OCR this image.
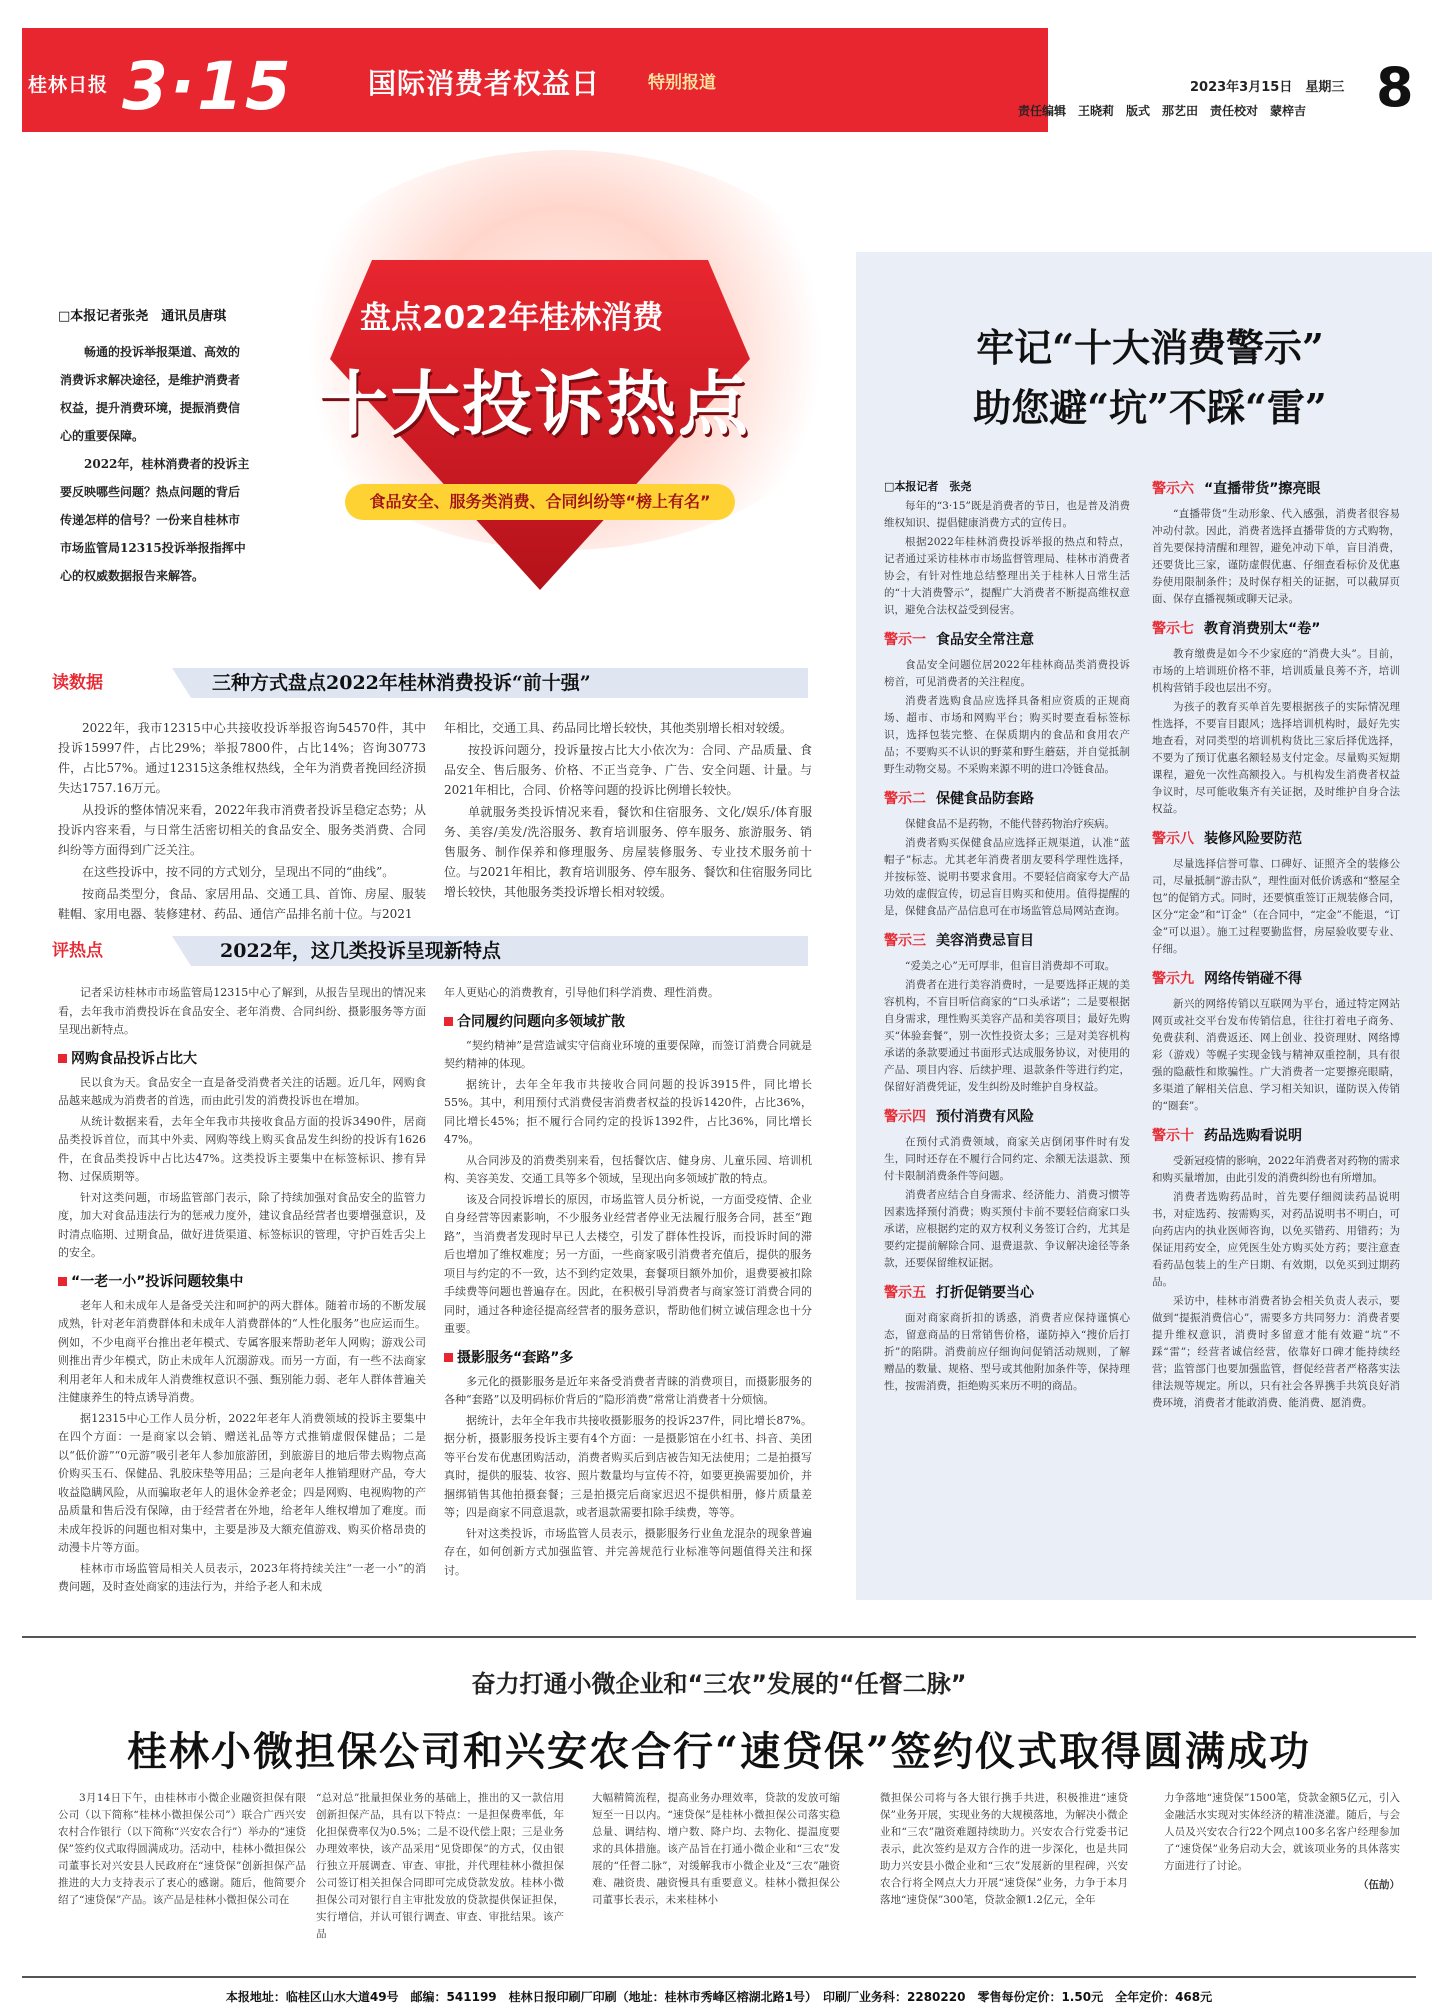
桂林日报 3·15	国际消费者权益日	特别报道	2023年3月15日　星期三
责任编辑　王晓莉　版式　那艺田　责任校对　蒙梓吉 8
盘点2022年桂林消费
十大投诉热点
食品安全、服务类消费、合同纠纷等“榜上有名”
□本报记者张尧　通讯员唐琪

畅通的投诉举报渠道、高效的消费诉求解决途径，是维护消费者权益，提升消费环境，提振消费信心的重要保障。

2022年，桂林消费者的投诉主要反映哪些问题？热点问题的背后传递怎样的信号？一份来自桂林市市场监管局12315投诉举报指挥中心的权威数据报告来解答。

读数据	三种方式盘点2022年桂林消费投诉“前十强”

2022年，我市12315中心共接收投诉举报咨询54570件，其中投诉15997件，占比29%；举报7800件，占比14%；咨询30773件，占比57%。通过12315这条维权热线，全年为消费者挽回经济损失达1757.16万元。

从投诉的整体情况来看，2022年我市消费者投诉呈稳定态势；从投诉内容来看，与日常生活密切相关的食品安全、服务类消费、合同纠纷等方面得到广泛关注。

在这些投诉中，按不同的方式划分，呈现出不同的“曲线”。

按商品类型分，食品、家居用品、交通工具、首饰、房屋、服装鞋帽、家用电器、装修建材、药品、通信产品排名前十位。与2021

年相比，交通工具、药品同比增长较快，其他类别增长相对较缓。

按投诉问题分，投诉量按占比大小依次为：合同、产品质量、食品安全、售后服务、价格、不正当竞争、广告、安全问题、计量。与2021年相比，合同、价格等问题的投诉比例增长较快。

单就服务类投诉情况来看，餐饮和住宿服务、文化/娱乐/体育服务、美容/美发/洗浴服务、教育培训服务、停车服务、旅游服务、销售服务、制作保养和修理服务、房屋装修服务、专业技术服务前十位。与2021年相比，教育培训服务、停车服务、餐饮和住宿服务同比增长较快，其他服务类投诉增长相对较缓。

评热点	2022年，这几类投诉呈现新特点

记者采访桂林市市场监管局12315中心了解到，从报告呈现出的情况来看，去年我市消费投诉在食品安全、老年消费、合同纠纷、摄影服务等方面呈现出新特点。

网购食品投诉占比大

民以食为天。食品安全一直是备受消费者关注的话题。近几年，网购食品越来越成为消费者的首选，而由此引发的消费投诉也在增加。

从统计数据来看，去年全年我市共接收食品方面的投诉3490件，居商品类投诉首位，而其中外卖、网购等线上购买食品发生纠纷的投诉有1626件，在食品类投诉中占比达47%。这类投诉主要集中在标签标识、掺有异物、过保质期等。

针对这类问题，市场监管部门表示，除了持续加强对食品安全的监管力度，加大对食品违法行为的惩戒力度外，建议食品经营者也要增强意识，及时清点临期、过期食品，做好进货渠道、标签标识的管理，守护百姓舌尖上的安全。

“一老一小”投诉问题较集中

老年人和未成年人是备受关注和呵护的两大群体。随着市场的不断发展成熟，针对老年消费群体和未成年人消费群体的“人性化服务”也应运而生。例如，不少电商平台推出老年模式、专属客服来帮助老年人网购；游戏公司则推出青少年模式，防止未成年人沉溺游戏。而另一方面，有一些不法商家利用老年人和未成年人消费维权意识不强、甄别能力弱、老年人群体普遍关注健康养生的特点诱导消费。

据12315中心工作人员分析，2022年老年人消费领域的投诉主要集中在四个方面：一是商家以会销、赠送礼品等方式推销虚假保健品；二是以“低价游”“0元游”吸引老年人参加旅游团，到旅游目的地后带去购物点高价购买玉石、保健品、乳胶床垫等用品；三是向老年人推销理财产品，夸大收益隐瞒风险，从而骗取老年人的退休金养老金；四是网购、电视购物的产品质量和售后没有保障，由于经营者在外地，给老年人维权增加了难度。而未成年投诉的问题也相对集中，主要是涉及大额充值游戏、购买价格昂贵的动漫卡片等方面。

桂林市市场监管局相关人员表示，2023年将持续关注“一老一小”的消费问题，及时查处商家的违法行为，并给予老人和未成

年人更贴心的消费教育，引导他们科学消费、理性消费。

合同履约问题向多领域扩散

“契约精神”是营造诚实守信商业环境的重要保障，而签订消费合同就是契约精神的体现。

据统计，去年全年我市共接收合同问题的投诉3915件，同比增长55%。其中，利用预付式消费侵害消费者权益的投诉1420件，占比36%，同比增长45%；拒不履行合同约定的投诉1392件，占比36%，同比增长47%。

从合同涉及的消费类别来看，包括餐饮店、健身房、儿童乐园、培训机构、美容美发、交通工具等多个领域，呈现出向多领域扩散的特点。

该及合同投诉增长的原因，市场监管人员分析说，一方面受疫情、企业自身经营等因素影响，不少服务业经营者停业无法履行服务合同，甚至“跑路”，当消费者发现时早已人去楼空，引发了群体性投诉，而投诉时间的滞后也增加了维权难度；另一方面，一些商家吸引消费者充值后，提供的服务项目与约定的不一致，达不到约定效果，套餐项目额外加价，退费要被扣除手续费等问题也普遍存在。因此，在积极引导消费者与商家签订消费合同的同时，通过各种途径提高经营者的服务意识，帮助他们树立诚信理念也十分重要。

摄影服务“套路”多

多元化的摄影服务是近年来备受消费者青睐的消费项目，而摄影服务的各种“套路”以及明码标价背后的“隐形消费”常常让消费者十分烦恼。

据统计，去年全年我市共接收摄影服务的投诉237件，同比增长87%。据分析，摄影服务投诉主要有4个方面：一是摄影馆在小红书、抖音、美团等平台发布优惠团购活动，消费者购买后到店被告知无法使用；二是拍摄写真时，提供的服装、妆容、照片数量均与宣传不符，如要更换需要加价，并捆绑销售其他拍摄套餐；三是拍摄完后商家迟迟不提供相册，修片质量差等；四是商家不同意退款，或者退款需要扣除手续费，等等。

针对这类投诉，市场监管人员表示，摄影服务行业鱼龙混杂的现象普遍存在，如何创新方式加强监管、并完善规范行业标准等问题值得关注和探讨。

牢记“十大消费警示”
助您避“坑”不踩“雷”
□本报记者　张尧

每年的“3·15”既是消费者的节日，也是普及消费维权知识、提倡健康消费方式的宣传日。

根据2022年桂林消费投诉举报的热点和特点，记者通过采访桂林市市场监督管理局、桂林市消费者协会，有针对性地总结整理出关于桂林人日常生活的“十大消费警示”，提醒广大消费者不断提高维权意识，避免合法权益受到侵害。

警示一 食品安全常注意

食品安全问题位居2022年桂林商品类消费投诉榜首，可见消费者的关注程度。

消费者选购食品应选择具备相应资质的正规商场、超市、市场和网购平台；购买时要查看标签标识，选择包装完整、在保质期内的食品和食用农产品；不要购买不认识的野菜和野生蘑菇，并自觉抵制野生动物交易。不采购来源不明的进口冷链食品。

警示二 保健食品防套路

保健食品不是药物，不能代替药物治疗疾病。

消费者购买保健食品应选择正规渠道，认准“蓝帽子”标志。尤其老年消费者朋友要科学理性选择，并按标签、说明书要求食用。不要轻信商家夸大产品功效的虚假宣传，切忌盲目购买和使用。值得提醒的是，保健食品产品信息可在市场监管总局网站查询。

警示三 美容消费忌盲目

“爱美之心”无可厚非，但盲目消费却不可取。

消费者在进行美容消费时，一是要选择正规的美容机构，不盲目听信商家的“口头承诺”；二是要根据自身需求，理性购买美容产品和美容项目；最好先购买“体验套餐”，别一次性投资太多；三是对美容机构承诺的条款要通过书面形式达成服务协议，对使用的产品、项目内容、后续护理、退款条件等进行约定，保留好消费凭证，发生纠纷及时维护自身权益。

警示四 预付消费有风险

在预付式消费领域，商家关店倒闭事件时有发生，同时还存在不履行合同约定、余额无法退款、预付卡限制消费条件等问题。

消费者应结合自身需求、经济能力、消费习惯等因素选择预付消费；购买预付卡前不要轻信商家口头承诺，应根据约定的双方权利义务签订合约，尤其是要约定提前解除合同、退费退款、争议解决途径等条款，还要保留维权证据。

警示五 打折促销要当心

面对商家商折扣的诱惑，消费者应保持谨慎心态，留意商品的日常销售价格，谨防掉入“搜价后打折”的陷阱。消费前应仔细询问促销活动规则，了解赠品的数量、规格、型号或其他附加条件等，保持理性，按需消费，拒绝购买来历不明的商品。

警示六 “直播带货”擦亮眼

“直播带货”生动形象、代入感强，消费者很容易冲动付款。因此，消费者选择直播带货的方式购物，首先要保持清醒和理智，避免冲动下单，盲目消费，还要货比三家，谨防虚假优惠、仔细查看标价及优惠券使用限制条件；及时保存相关的证据，可以截屏页面、保存直播视频或聊天记录。

警示七 教育消费别太“卷”

教育缴费是如今不少家庭的“消费大头”。目前，市场的上培训班价格不菲，培训质量良莠不齐，培训机构营销手段也层出不穷。

为孩子的教育买单首先要根据孩子的实际情况理性选择，不要盲目跟风；选择培训机构时，最好先实地查看，对同类型的培训机构货比三家后择优选择，不要为了预订优惠名额轻易支付定金。尽量购买短期课程，避免一次性高额投入。与机构发生消费者权益争议时，尽可能收集齐有关证据，及时维护自身合法权益。

警示八 装修风险要防范

尽量选择信誉可靠、口碑好、证照齐全的装修公司，尽量抵制“游击队”，理性面对低价诱惑和“整屋全包”的促销方式。同时，还要慎重签订正规装修合同，区分“定金”和“订金”（在合同中，“定金”不能退，“订金”可以退）。施工过程要勤监督，房屋验收要专业、仔细。

警示九 网络传销碰不得

新兴的网络传销以互联网为平台，通过特定网站网页或社交平台发布传销信息，往往打着电子商务、免费获利、消费返还、网上创业、投资理财、网络博彩（游戏）等幌子实现金钱与精神双重控制，具有很强的隐蔽性和欺骗性。广大消费者一定要擦亮眼睛，多渠道了解相关信息、学习相关知识，谨防误入传销的“圈套”。

警示十 药品选购看说明

受新冠疫情的影响，2022年消费者对药物的需求和购买量增加，由此引发的消费纠纷也有所增加。

消费者选购药品时，首先要仔细阅读药品说明书，对症选药、按需购买，对药品说明书不明白，可向药店内的执业医师咨询，以免买错药、用错药；为保证用药安全，应凭医生处方购买处方药；要注意查看药品包装上的生产日期、有效期，以免买到过期药品。

采访中，桂林市消费者协会相关负责人表示，要做到“提振消费信心”，需要多方共同努力：消费者要提升维权意识，消费时多留意才能有效避“坑”不踩“雷”；经营者诚信经营，依靠好口碑才能持续经营；监管部门也要加强监管，督促经营者严格落实法律法规等规定。所以，只有社会各界携手共筑良好消费环境，消费者才能敢消费、能消费、愿消费。

奋力打通小微企业和“三农”发展的“任督二脉”
桂林小微担保公司和兴安农合行“速贷保”签约仪式取得圆满成功

3月14日下午，由桂林市小微企业融资担保有限公司（以下简称“桂林小微担保公司”）联合广西兴安农村合作银行（以下简称“兴安农合行”）举办的“速贷保”签约仪式取得圆满成功。活动中，桂林小微担保公司董事长对兴安县人民政府在“速贷保”创新担保产品推进的大力支持表示了衷心的感谢。随后，他简要介绍了“速贷保”产品。该产品是桂林小微担保公司在

“总对总”批量担保业务的基础上，推出的又一款信用创新担保产品，具有以下特点：一是担保费率低，年化担保费率仅为0.5%；二是不设代偿上限；三是业务办理效率快，该产品采用“见贷即保”的方式，仅由银行独立开展调查、审查、审批，并代理桂林小微担保公司签订相关担保合同即可完成贷款发放。桂林小微担保公司对银行自主审批发放的贷款提供保证担保，实行增信，并认可银行调查、审查、审批结果。该产品

大幅精简流程，提高业务办理效率，贷款的发放可缩短至一日以内。“速贷保”是桂林小微担保公司落实稳总量、调结构、增户数、降户均、去物化、提温度要求的具体措施。该产品旨在打通小微企业和“三农”发展的“任督二脉”，对缓解我市小微企业及“三农”融资难、融资贵、融资慢具有重要意义。桂林小微担保公司董事长表示，未来桂林小

微担保公司将与各大银行携手共进，积极推进“速贷保”业务开展，实现业务的大规模落地，为解决小微企业和“三农”融资难题持续助力。兴安农合行党委书记表示，此次签约是双方合作的进一步深化，也是共同助力兴安县小微企业和“三农”发展新的里程碑，兴安农合行将全网点大力开展“速贷保”业务，力争于本月落地“速贷保”300笔，贷款金额1.2亿元，全年

力争落地“速贷保”1500笔，贷款金额5亿元，引入金融活水实现对实体经济的精准浇灌。随后，与会人员及兴安农合行22个网点100多名客户经理参加了“速贷保”业务启动大会，就该项业务的具体落实方面进行了讨论。

（伍劼）

本报地址：临桂区山水大道49号　邮编：541199　桂林日报印刷厂印刷（地址：桂林市秀峰区榕湖北路1号）　印刷厂业务科：2280220　零售每份定价：1.50元　全年定价：468元
